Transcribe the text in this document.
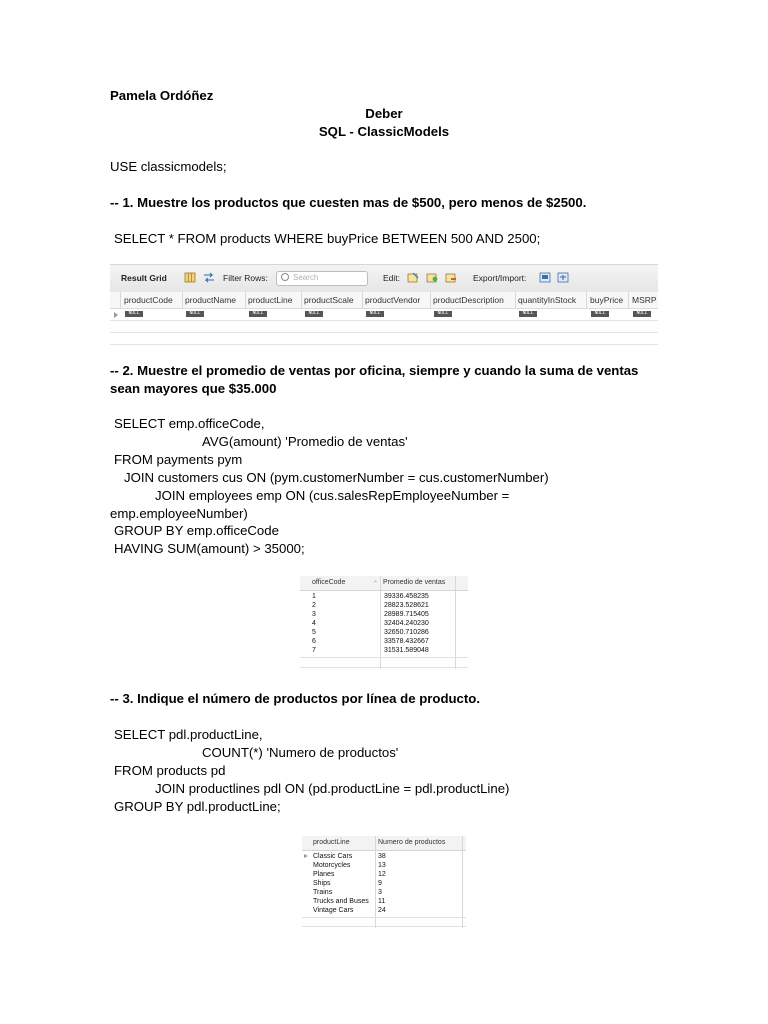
Pamela Ordóñez
Deber
SQL - ClassicModels
USE classicmodels;
-- 1. Muestre los productos que cuesten mas de $500, pero menos de $2500.
SELECT * FROM products WHERE buyPrice BETWEEN 500 AND 2500;
Result Grid	Filter Rows:	Search	Edit:	Export/Import:
productCode productName productLine productScale productVendor productDescription quantityInStock buyPrice MSRP
NULL	NULL	NULL	NULL	NULL	NULL	NULL	NULL	NULL
-- 2. Muestre el promedio de ventas por oficina, siempre y cuando la suma de ventas
sean mayores que $35.000
SELECT emp.officeCode,
AVG(amount) 'Promedio de ventas'
FROM payments pym
JOIN customers cus ON (pym.customerNumber = cus.customerNumber)
JOIN employees emp ON (cus.salesRepEmployeeNumber =
emp.employeeNumber)
GROUP BY emp.officeCode
HAVING SUM(amount) > 35000;
officeCode	⌃ Promedio de ventas
1	39336.458235
2	28823.528621
3	28989.715405
4	32404.240230
5	32650.710286
6	33578.432667
7	31531.589048
-- 3. Indique el número de productos por línea de producto.
SELECT pdl.productLine,
COUNT(*) 'Numero de productos'
FROM products pd
JOIN productlines pdl ON (pd.productLine = pdl.productLine)
GROUP BY pdl.productLine;
productLine	Numero de productos
Classic Cars	38
Motorcycles	13
Planes	12
Ships	9
Trains	3
Trucks and Buses 11
Vintage Cars	24
